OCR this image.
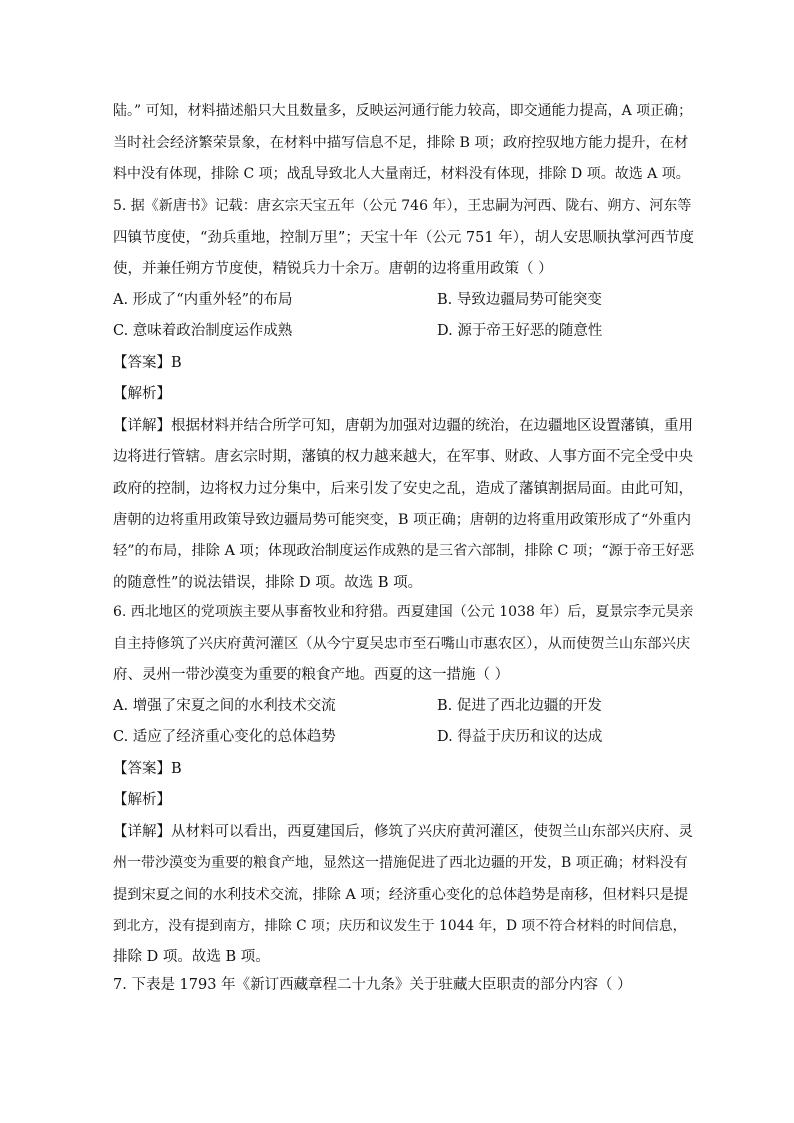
陆。” 可知，材料描述船只大且数量多，反映运河通行能力较高，即交通能力提高，A 项正确；
当时社会经济繁荣景象，在材料中描写信息不足，排除 B 项；政府控驭地方能力提升，在材
料中没有体现，排除 C 项；战乱导致北人大量南迁，材料没有体现，排除 D 项。故选 A 项。
5. 据《新唐书》记载：唐玄宗天宝五年（公元 746 年），王忠嗣为河西、陇右、朔方、河东等
四镇节度使，“劲兵重地，控制万里”；天宝十年（公元 751 年），胡人安思顺执掌河西节度
使，并兼任朔方节度使，精锐兵力十余万。唐朝的边将重用政策（ ）
A. 形成了“内重外轻”的布局	B. 导致边疆局势可能突变
C. 意味着政治制度运作成熟	D. 源于帝王好恶的随意性
【答案】B
【解析】
【详解】根据材料并结合所学可知，唐朝为加强对边疆的统治，在边疆地区设置藩镇，重用
边将进行管辖。唐玄宗时期，藩镇的权力越来越大，在军事、财政、人事方面不完全受中央
政府的控制，边将权力过分集中，后来引发了安史之乱，造成了藩镇割据局面。由此可知，
唐朝的边将重用政策导致边疆局势可能突变，B 项正确；唐朝的边将重用政策形成了“外重内
轻”的布局，排除 A 项；体现政治制度运作成熟的是三省六部制，排除 C 项；“源于帝王好恶
的随意性”的说法错误，排除 D 项。故选 B 项。
6. 西北地区的党项族主要从事畜牧业和狩猎。西夏建国（公元 1038 年）后，夏景宗李元昊亲
自主持修筑了兴庆府黄河灌区（从今宁夏吴忠市至石嘴山市惠农区），从而使贺兰山东部兴庆
府、灵州一带沙漠变为重要的粮食产地。西夏的这一措施（ ）
A. 增强了宋夏之间的水利技术交流	B. 促进了西北边疆的开发
C. 适应了经济重心变化的总体趋势	D. 得益于庆历和议的达成
【答案】B
【解析】
【详解】从材料可以看出，西夏建国后，修筑了兴庆府黄河灌区，使贺兰山东部兴庆府、灵
州一带沙漠变为重要的粮食产地，显然这一措施促进了西北边疆的开发，B 项正确；材料没有
提到宋夏之间的水利技术交流，排除 A 项；经济重心变化的总体趋势是南移，但材料只是提
到北方，没有提到南方，排除 C 项；庆历和议发生于 1044 年，D 项不符合材料的时间信息，
排除 D 项。故选 B 项。
7. 下表是 1793 年《新订西藏章程二十九条》关于驻藏大臣职责的部分内容（ ）
